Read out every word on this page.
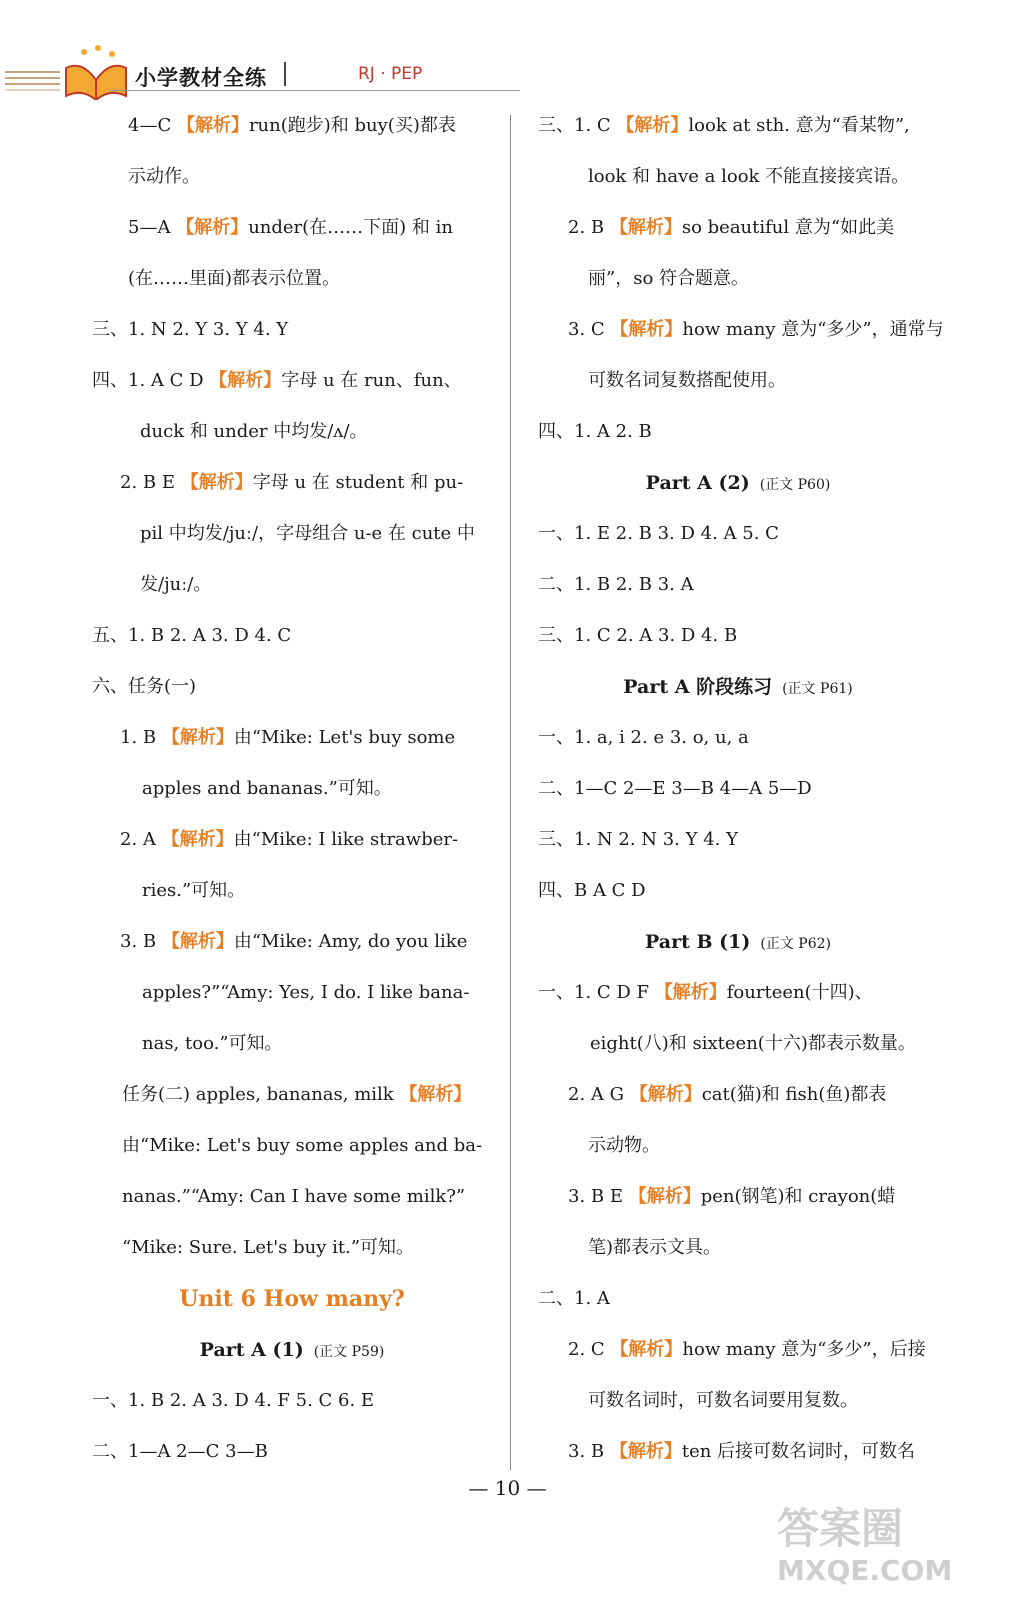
小学教材全练	RJ · PEP
4—C 【解析】run(跑步)和 buy(买)都表
示动作。
5—A 【解析】under(在……下面) 和 in
(在……里面)都表示位置。
三、1. N 2. Y 3. Y 4. Y
四、1. A C D 【解析】字母 u 在 run、fun、
duck 和 under 中均发/ʌ/。
2. B E 【解析】字母 u 在 student 和 pu-
pil 中均发/juː/，字母组合 u-e 在 cute 中
发/juː/。
五、1. B 2. A 3. D 4. C
六、任务(一)
1. B 【解析】由“Mike: Let's buy some
apples and bananas.”可知。
2. A 【解析】由“Mike: I like strawber-
ries.”可知。
3. B 【解析】由“Mike: Amy, do you like
apples?”“Amy: Yes, I do. I like bana-
nas, too.”可知。
任务(二) apples, bananas, milk 【解析】
由“Mike: Let's buy some apples and ba-
nanas.”“Amy: Can I have some milk?”
“Mike: Sure. Let's buy it.”可知。
Unit 6 How many?
Part A (1) (正文 P59)
一、1. B 2. A 3. D 4. F 5. C 6. E
二、1—A 2—C 3—B
三、1. C 【解析】look at sth. 意为“看某物”,
look 和 have a look 不能直接接宾语。
2. B 【解析】so beautiful 意为“如此美
丽”，so 符合题意。
3. C 【解析】how many 意为“多少”，通常与
可数名词复数搭配使用。
四、1. A 2. B
Part A (2) (正文 P60)
一、1. E 2. B 3. D 4. A 5. C
二、1. B 2. B 3. A
三、1. C 2. A 3. D 4. B
Part A 阶段练习 (正文 P61)
一、1. a, i 2. e 3. o, u, a
二、1—C 2—E 3—B 4—A 5—D
三、1. N 2. N 3. Y 4. Y
四、B A C D
Part B (1) (正文 P62)
一、1. C D F 【解析】fourteen(十四)、
eight(八)和 sixteen(十六)都表示数量。
2. A G 【解析】cat(猫)和 fish(鱼)都表
示动物。
3. B E 【解析】pen(钢笔)和 crayon(蜡
笔)都表示文具。
二、1. A
2. C 【解析】how many 意为“多少”，后接
可数名词时，可数名词要用复数。
3. B 【解析】ten 后接可数名词时，可数名
— 10 —
答案圈
MXQE.COM
